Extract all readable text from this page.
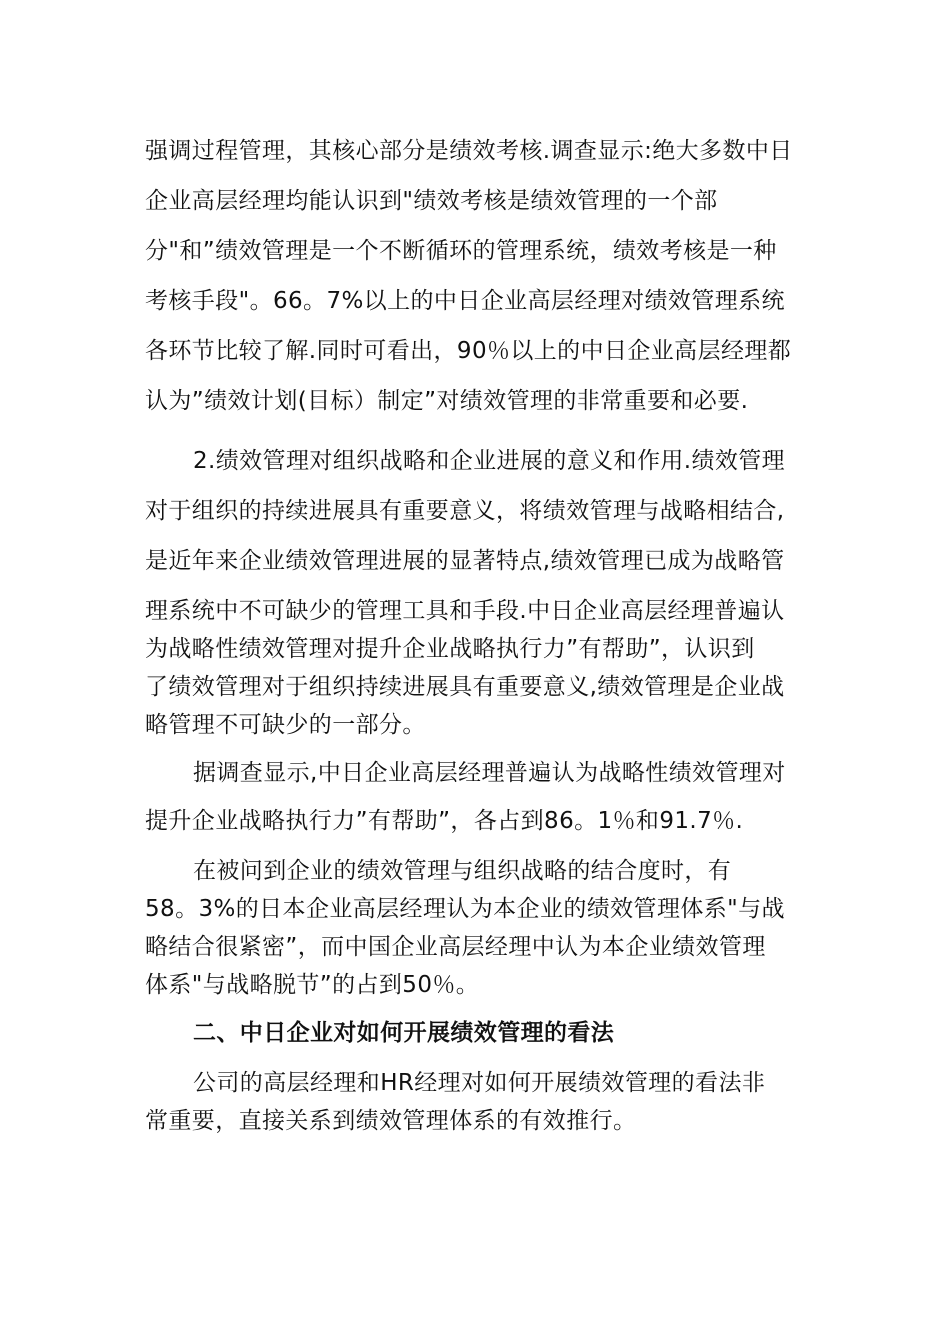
强调过程管理，其核心部分是绩效考核.调查显示:绝大多数中日
企业高层经理均能认识到"绩效考核是绩效管理的一个部
分"和”绩效管理是一个不断循环的管理系统，绩效考核是一种
考核手段"。66。7%以上的中日企业高层经理对绩效管理系统
各环节比较了解.同时可看出，90％以上的中日企业高层经理都
认为”绩效计划(目标）制定”对绩效管理的非常重要和必要.
2.绩效管理对组织战略和企业进展的意义和作用.绩效管理
对于组织的持续进展具有重要意义，将绩效管理与战略相结合,
是近年来企业绩效管理进展的显著特点,绩效管理已成为战略管
理系统中不可缺少的管理工具和手段.中日企业高层经理普遍认
为战略性绩效管理对提升企业战略执行力”有帮助”，认识到
了绩效管理对于组织持续进展具有重要意义,绩效管理是企业战
略管理不可缺少的一部分。
据调查显示,中日企业高层经理普遍认为战略性绩效管理对
提升企业战略执行力”有帮助”，各占到86。1％和91.7％.
在被问到企业的绩效管理与组织战略的结合度时，有
58。3%的日本企业高层经理认为本企业的绩效管理体系"与战
略结合很紧密”，而中国企业高层经理中认为本企业绩效管理
体系"与战略脱节”的占到50％。
二、中日企业对如何开展绩效管理的看法
公司的高层经理和HR经理对如何开展绩效管理的看法非
常重要，直接关系到绩效管理体系的有效推行。
